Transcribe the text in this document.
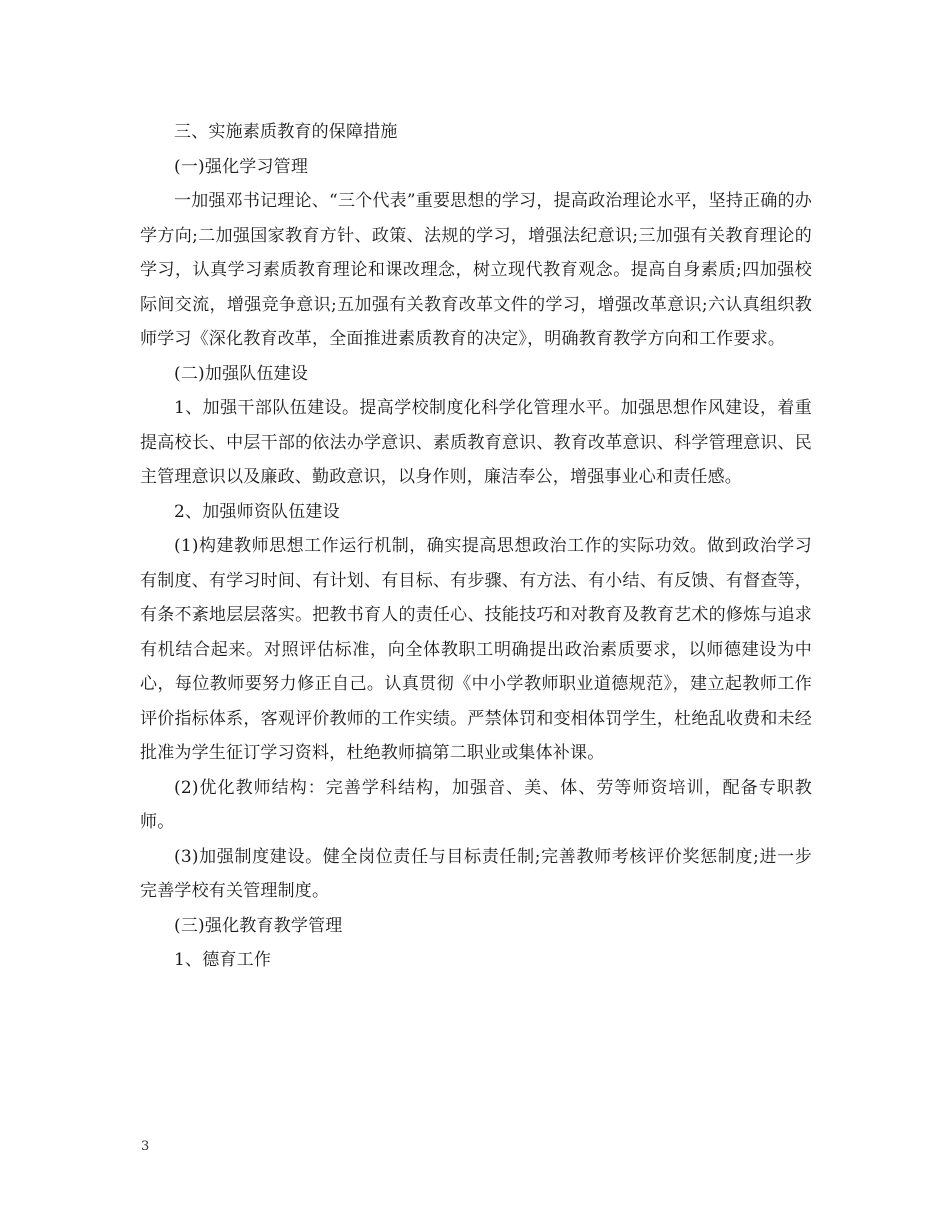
三、实施素质教育的保障措施

(一)强化学习管理

一加强邓书记理论、“三个代表”重要思想的学习，提高政治理论水平，坚持正确的办学方向;二加强国家教育方针、政策、法规的学习，增强法纪意识;三加强有关教育理论的学习，认真学习素质教育理论和课改理念，树立现代教育观念。提高自身素质;四加强校际间交流，增强竞争意识;五加强有关教育改革文件的学习，增强改革意识;六认真组织教师学习《深化教育改革，全面推进素质教育的决定》，明确教育教学方向和工作要求。

(二)加强队伍建设

1、加强干部队伍建设。提高学校制度化科学化管理水平。加强思想作风建设，着重提高校长、中层干部的依法办学意识、素质教育意识、教育改革意识、科学管理意识、民主管理意识以及廉政、勤政意识，以身作则，廉洁奉公，增强事业心和责任感。

2、加强师资队伍建设

(1)构建教师思想工作运行机制，确实提高思想政治工作的实际功效。做到政治学习有制度、有学习时间、有计划、有目标、有步骤、有方法、有小结、有反馈、有督查等，有条不紊地层层落实。把教书育人的责任心、技能技巧和对教育及教育艺术的修炼与追求有机结合起来。对照评估标准，向全体教职工明确提出政治素质要求，以师德建设为中心，每位教师要努力修正自己。认真贯彻《中小学教师职业道德规范》，建立起教师工作评价指标体系，客观评价教师的工作实绩。严禁体罚和变相体罚学生，杜绝乱收费和未经批准为学生征订学习资料，杜绝教师搞第二职业或集体补课。

(2)优化教师结构：完善学科结构，加强音、美、体、劳等师资培训，配备专职教师。

(3)加强制度建设。健全岗位责任与目标责任制;完善教师考核评价奖惩制度;进一步完善学校有关管理制度。

(三)强化教育教学管理

1、德育工作

3
